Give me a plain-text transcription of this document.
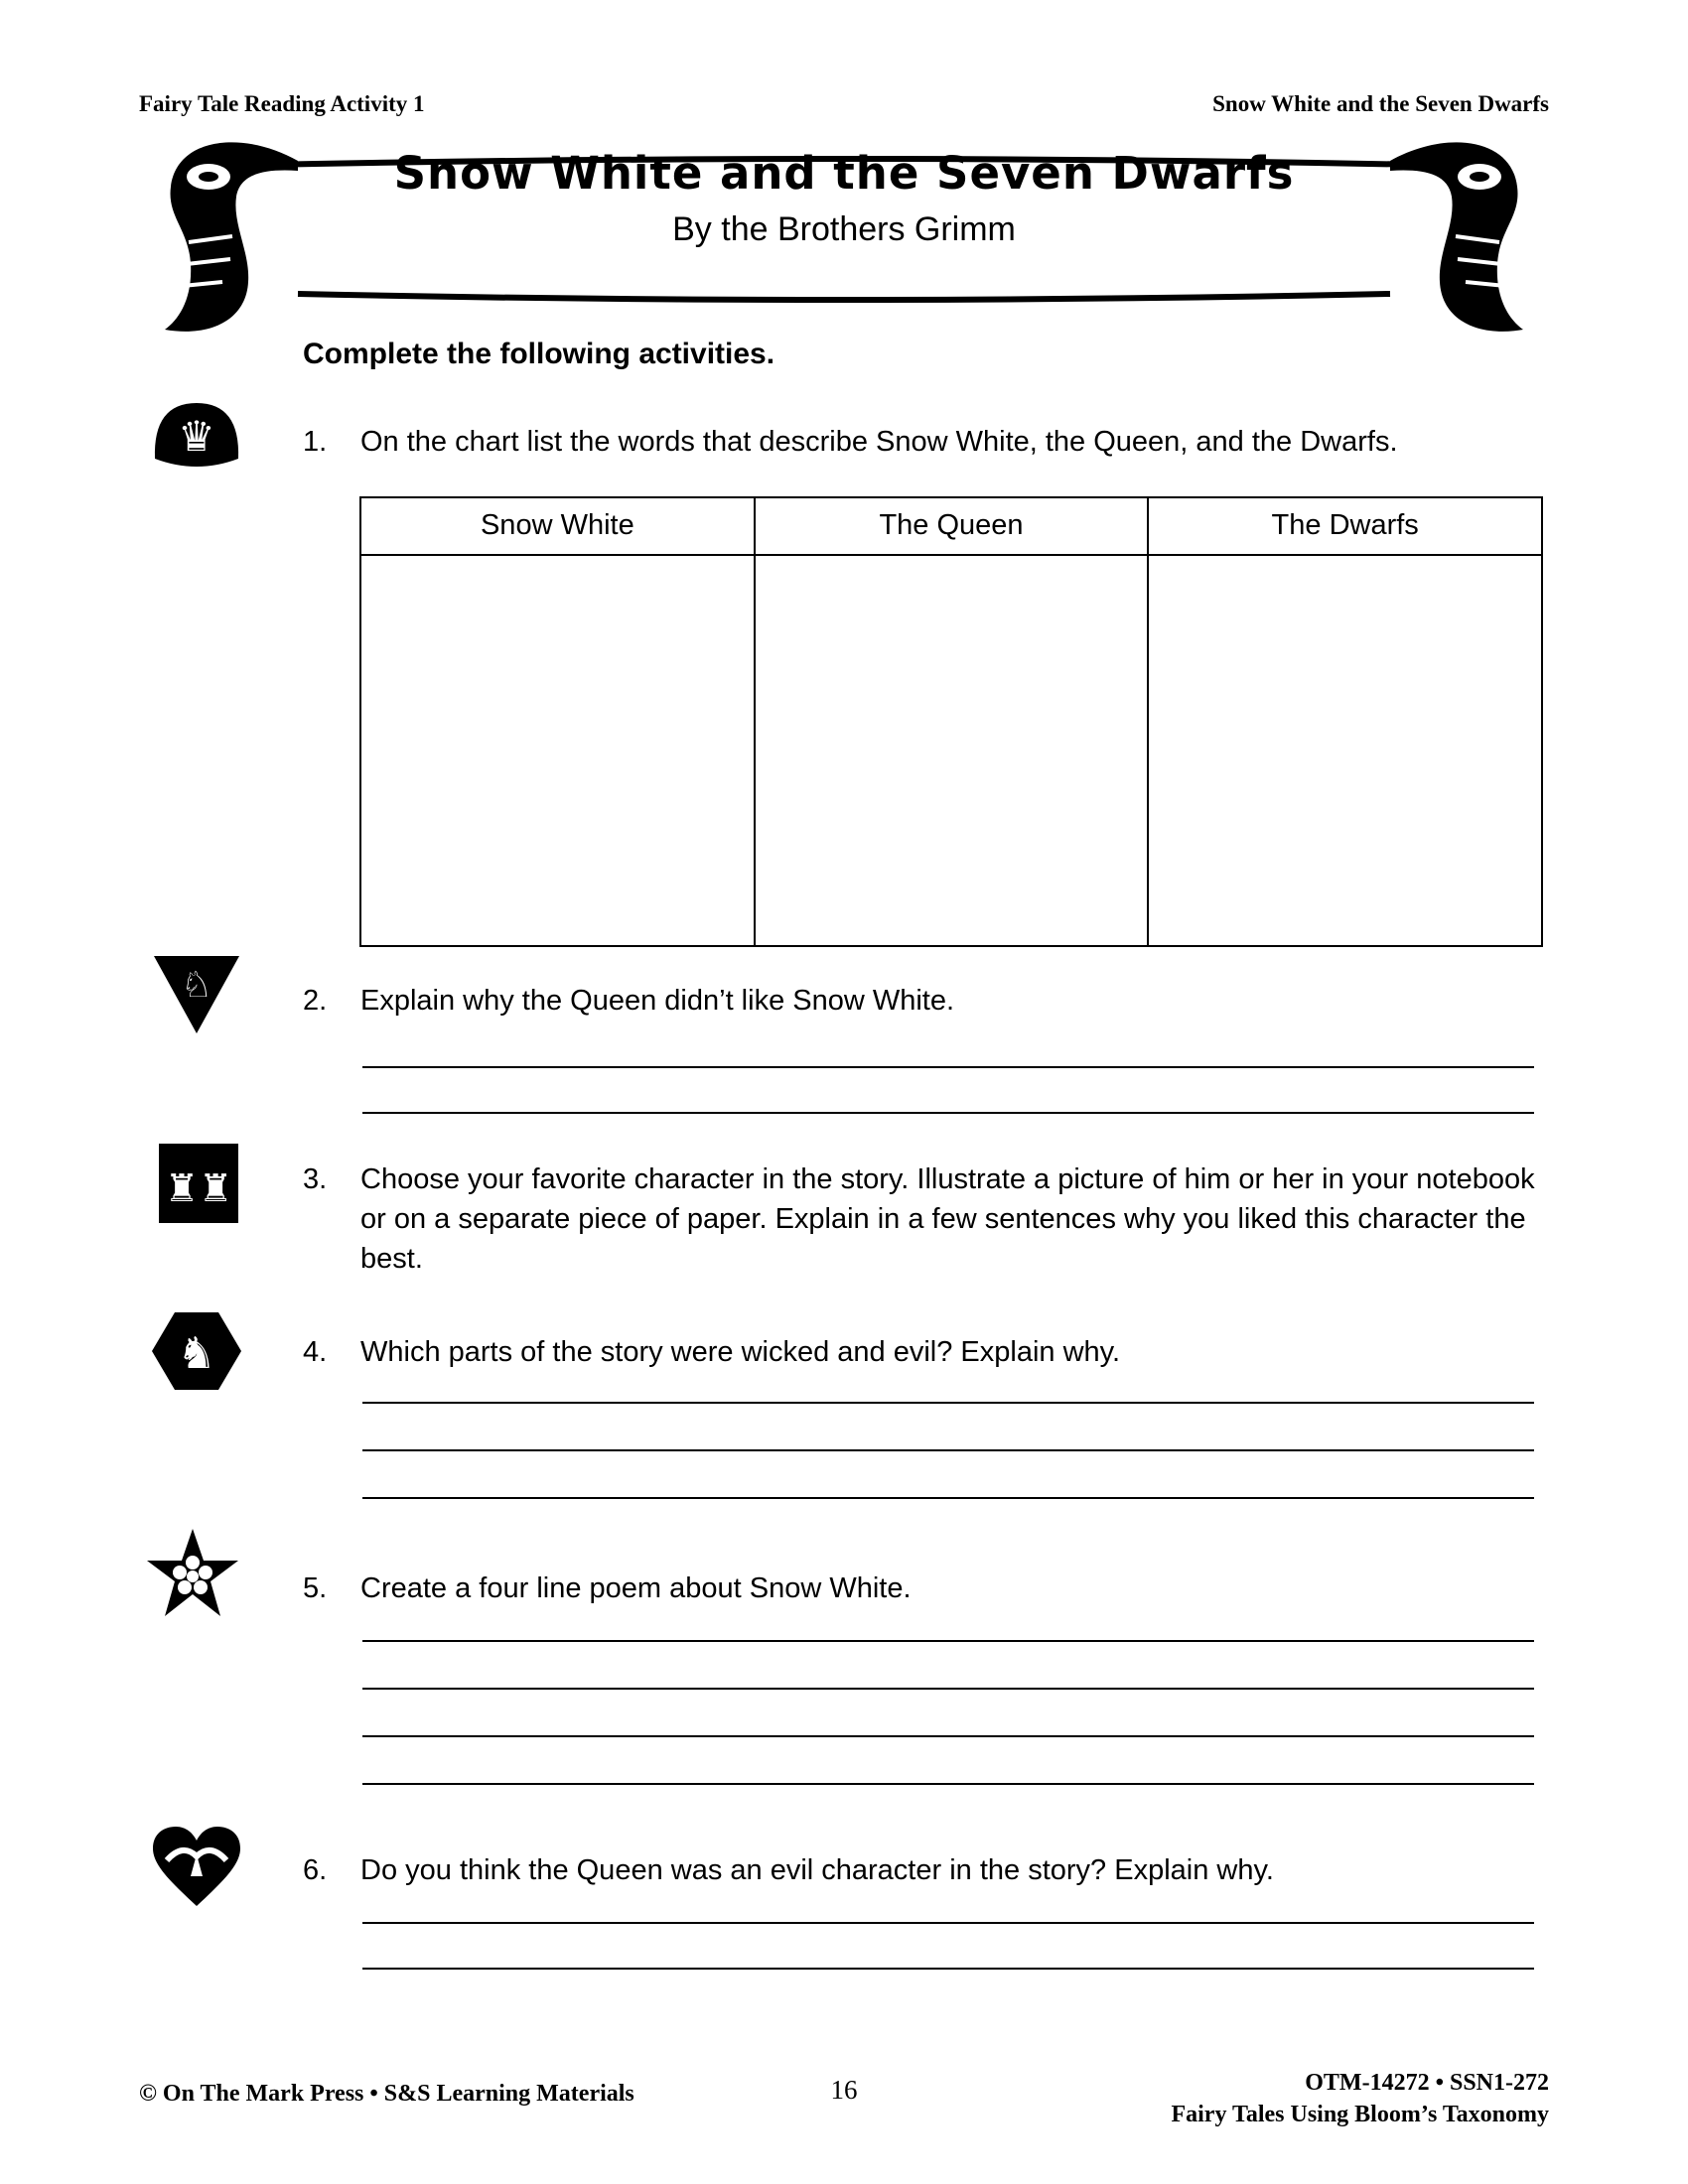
Fairy Tale Reading Activity 1	Snow White and the Seven Dwarfs
Snow White and the Seven Dwarfs
By the Brothers Grimm
Complete the following activities.
♛	1. On the chart list the words that describe Snow White, the Queen, and the Dwarfs.
Snow White	The Queen	The Dwarfs
♘	2. Explain why the Queen didn’t like Snow White.
♜♜ 3. Choose your favorite character in the story. Illustrate a picture of him or her in your notebook or on a separate piece of paper. Explain in a few sentences why you liked this character the best.
♞	4. Which parts of the story were wicked and evil? Explain why.
5. Create a four line poem about Snow White.
6. Do you think the Queen was an evil character in the story? Explain why.
© On The Mark Press • S&S Learning Materials	16	OTM-14272 • SSN1-272
Fairy Tales Using Bloom’s Taxonomy
